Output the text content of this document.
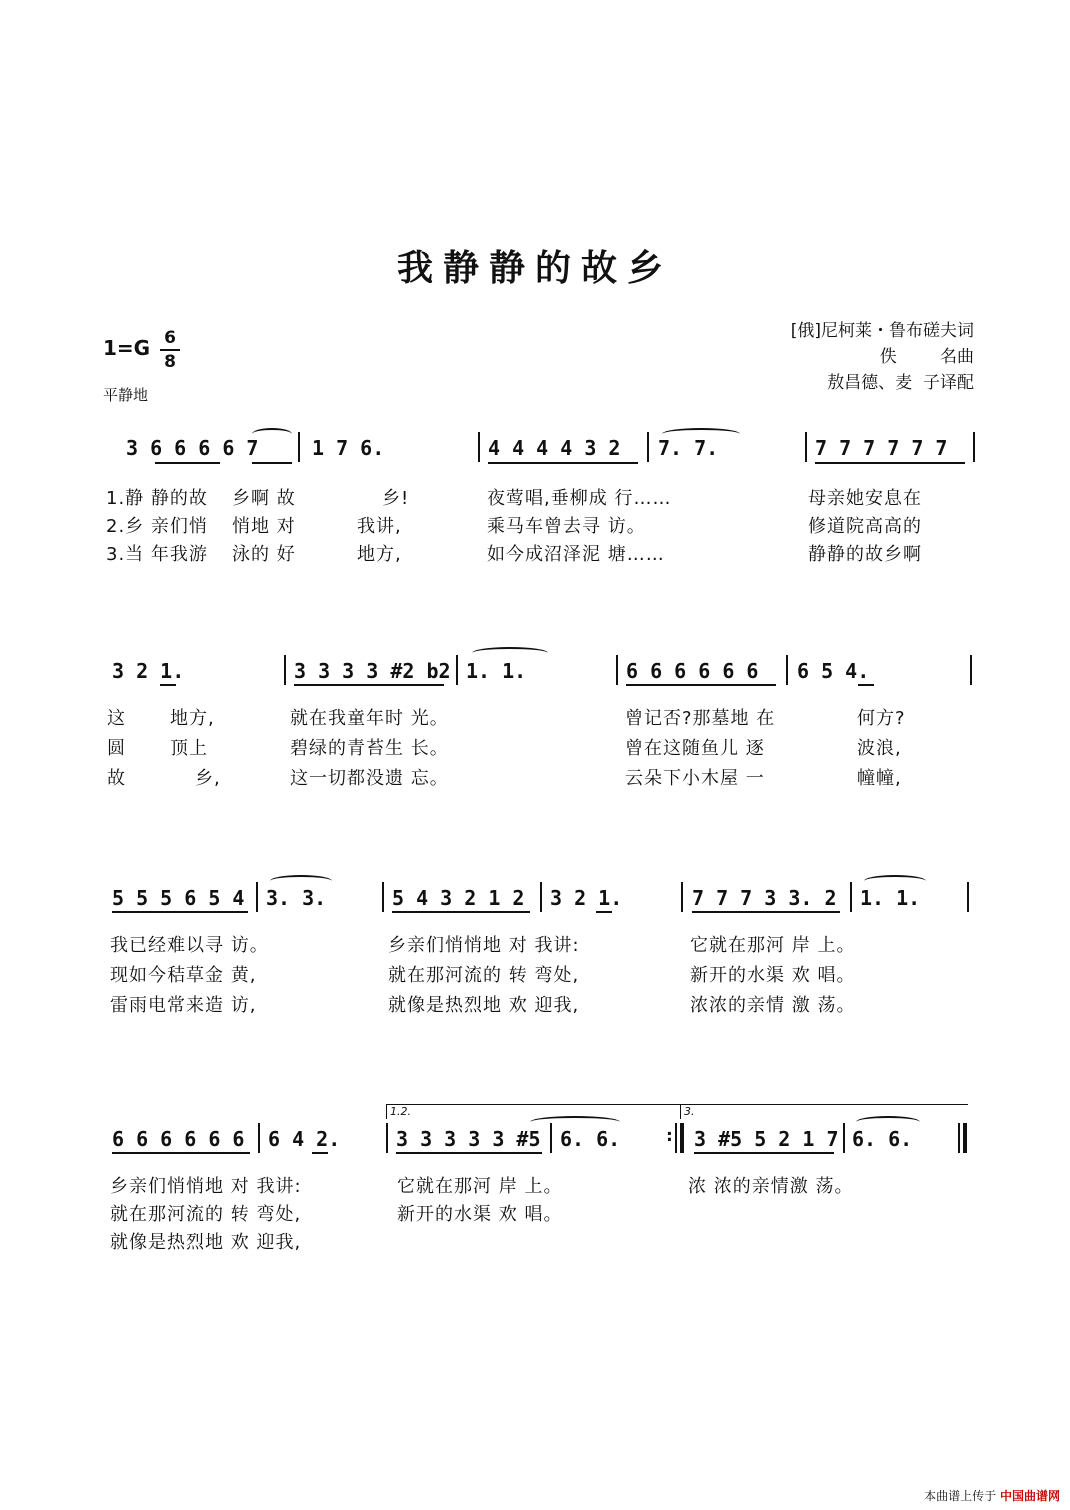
我静静的故乡
1=G 6
8
平静地
[俄]尼柯莱・鲁布磋夫词
佚        名曲
敖昌德、麦  子译配
3 6 6 6 6 7	1 7 6.	4 4 4 4 3 2 7. 7.	7 7 7 7 7 7
1.静 静的故 乡啊 故	乡!	夜莺唱,垂柳成 行……	母亲她安息在
2.乡 亲们悄 悄地 对	我讲,	乘马车曾去寻 访。	修道院高高的
3.当 年我游 泳的 好	地方,	如今成沼泽泥 塘……	静静的故乡啊
3 2 1.	3 3 3 3 #2 b2 1. 1.	6 6 6 6 6 6 6 5 4.
这 地方,	就在我童年时 光。	曾记否?那墓地 在	何方?
圆 顶上	碧绿的青苔生 长。	曾在这随鱼儿 逐	波浪,
故	乡,	这一切都没遗 忘。	云朵下小木屋 一	幢幢,
5 5 5 6 5 4 3. 3.	5 4 3 2 1 2 3 2 1.	7 7 7 3 3. 2 1. 1.
我已经难以寻 访。	乡亲们悄悄地 对 我讲:	它就在那河 岸 上。
现如今秸草金 黄,	就在那河流的 转 弯处,	新开的水渠 欢 唱。
雷雨电常来造 访,	就像是热烈地 欢 迎我,	浓浓的亲情 激 荡。
1.2.	3.
6 6 6 6 6 6 6 4 2.	3 3 3 3 3 #5 6. 6.	3 #5 5 2 1 7 6. 6.
:
乡亲们悄悄地 对 我讲:	它就在那河 岸 上。	浓 浓的亲情激 荡。
就在那河流的 转 弯处,	新开的水渠 欢 唱。
就像是热烈地 欢 迎我,
本曲谱上传于 中国曲谱网
